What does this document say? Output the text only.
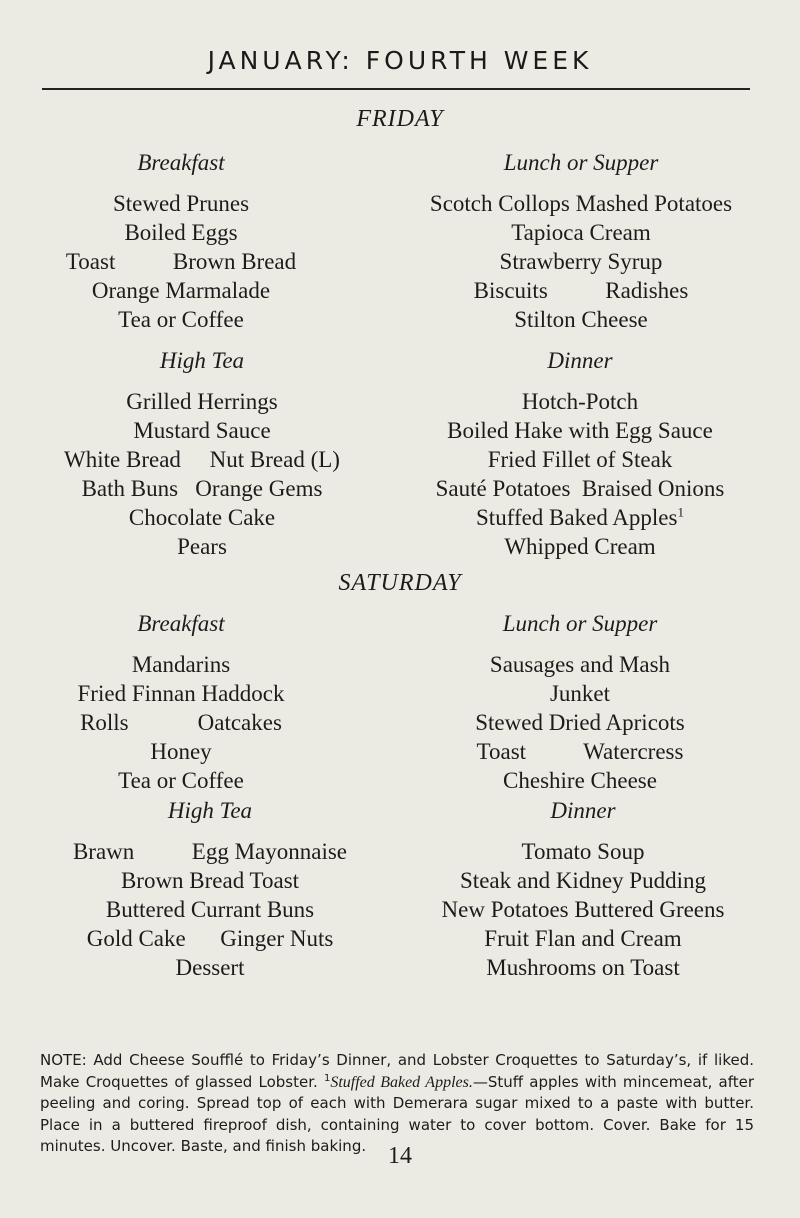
JANUARY: FOURTH WEEK
FRIDAY
Breakfast
Stewed Prunes
Boiled Eggs
Toast          Brown Bread
Orange Marmalade
Tea or Coffee
Lunch or Supper
Scotch Collops Mashed Potatoes
Tapioca Cream
Strawberry Syrup
Biscuits          Radishes
Stilton Cheese
High Tea
Grilled Herrings
Mustard Sauce
White Bread     Nut Bread (L)
Bath Buns   Orange Gems
Chocolate Cake
Pears
Dinner
Hotch-Potch
Boiled Hake with Egg Sauce
Fried Fillet of Steak
Sauté Potatoes  Braised Onions
Stuffed Baked Apples$^1$
Whipped Cream
SATURDAY
Breakfast
Mandarins
Fried Finnan Haddock
Rolls            Oatcakes
Honey
Tea or Coffee
Lunch or Supper
Sausages and Mash
Junket
Stewed Dried Apricots
Toast          Watercress
Cheshire Cheese
High Tea
Brawn          Egg Mayonnaise
Brown Bread Toast
Buttered Currant Buns
Gold Cake      Ginger Nuts
Dessert
Dinner
Tomato Soup
Steak and Kidney Pudding
New Potatoes Buttered Greens
Fruit Flan and Cream
Mushrooms on Toast
NOTE: Add Cheese Soufflé to Friday’s Dinner, and Lobster Croquettes to Saturday’s, if liked. Make Croquettes of glassed Lobster. $^1$Stuffed Baked Apples.—Stuff apples with mincemeat, after peeling and coring. Spread top of each with Demerara sugar mixed to a paste with butter. Place in a buttered fireproof dish, containing water to cover bottom. Cover. Bake for 15 minutes. Uncover. Baste, and finish baking. 14
